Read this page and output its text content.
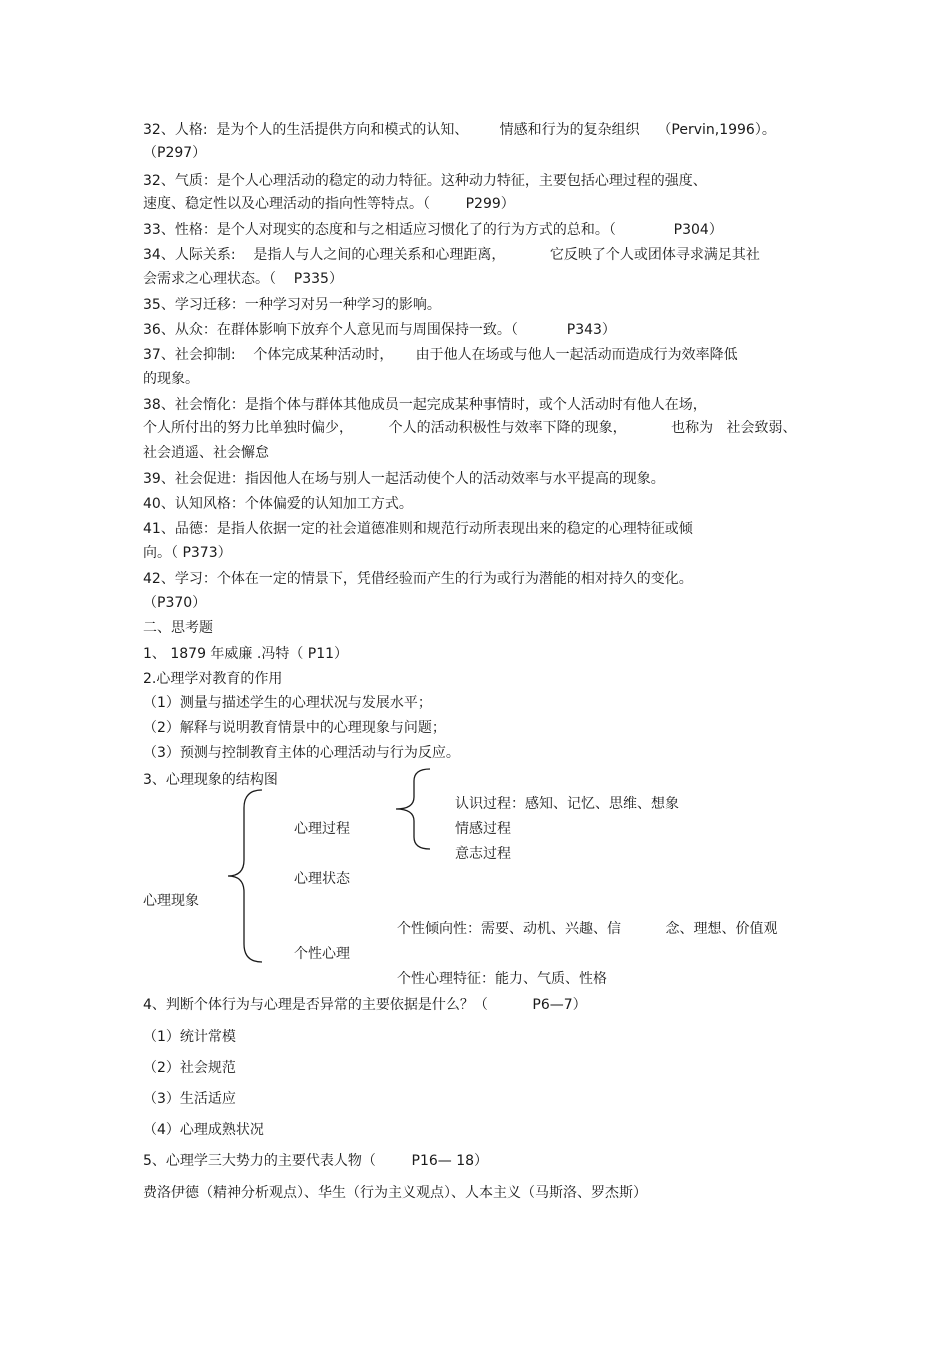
32、人格:  是为个人的生活提供方向和模式的认知、       情感和行为的复杂组织    （Pervin,1996）。
（P297）
32、气质：是个人心理活动的稳定的动力特征。这种动力特征，主要包括心理过程的强度、
速度、稳定性以及心理活动的指向性等特点。（        P299）
33、性格：是个人对现实的态度和与之相适应习惯化了的行为方式的总和。（             P304）
34、人际关系:    是指人与人之间的心理关系和心理距离，          它反映了个人或团体寻求满足其社
会需求之心理状态。（    P335）
35、学习迁移：一种学习对另一种学习的影响。
36、从众：在群体影响下放弃个人意见而与周围保持一致。（           P343）
37、社会抑制:    个体完成某种活动时，     由于他人在场或与他人一起活动而造成行为效率降低
的现象。
38、社会惰化：是指个体与群体其他成员一起完成某种事情时，或个人活动时有他人在场，
个人所付出的努力比单独时偏少，        个人的活动积极性与效率下降的现象，          也称为   社会致弱、
社会逍遥、社会懈怠
39、社会促进：指因他人在场与别人一起活动使个人的活动效率与水平提高的现象。
40、认知风格：个体偏爱的认知加工方式。
41、品德：是指人依据一定的社会道德准则和规范行动所表现出来的稳定的心理特征或倾
向。（ P373）
42、学习：个体在一定的情景下，凭借经验而产生的行为或行为潜能的相对持久的变化。
（P370）
二、思考题
1、 1879 年威廉 .冯特（ P11）
2.心理学对教育的作用
（1）测量与描述学生的心理状况与发展水平；
（2）解释与说明教育情景中的心理现象与问题；
（3）预测与控制教育主体的心理活动与行为反应。
3、心理现象的结构图
心理现象
心理过程
心理状态
个性心理
认识过程：感知、记忆、思维、想象
情感过程
意志过程
个性倾向性：需要、动机、兴趣、信          念、理想、价值观
个性心理特征：能力、气质、性格
4、判断个体行为与心理是否异常的主要依据是什么？（          P6—7）
（1）统计常模
（2）社会规范
（3）生活适应
（4）心理成熟状况
5、心理学三大势力的主要代表人物（        P16— 18）
费洛伊德（精神分析观点）、华生（行为主义观点）、人本主义（马斯洛、罗杰斯）
